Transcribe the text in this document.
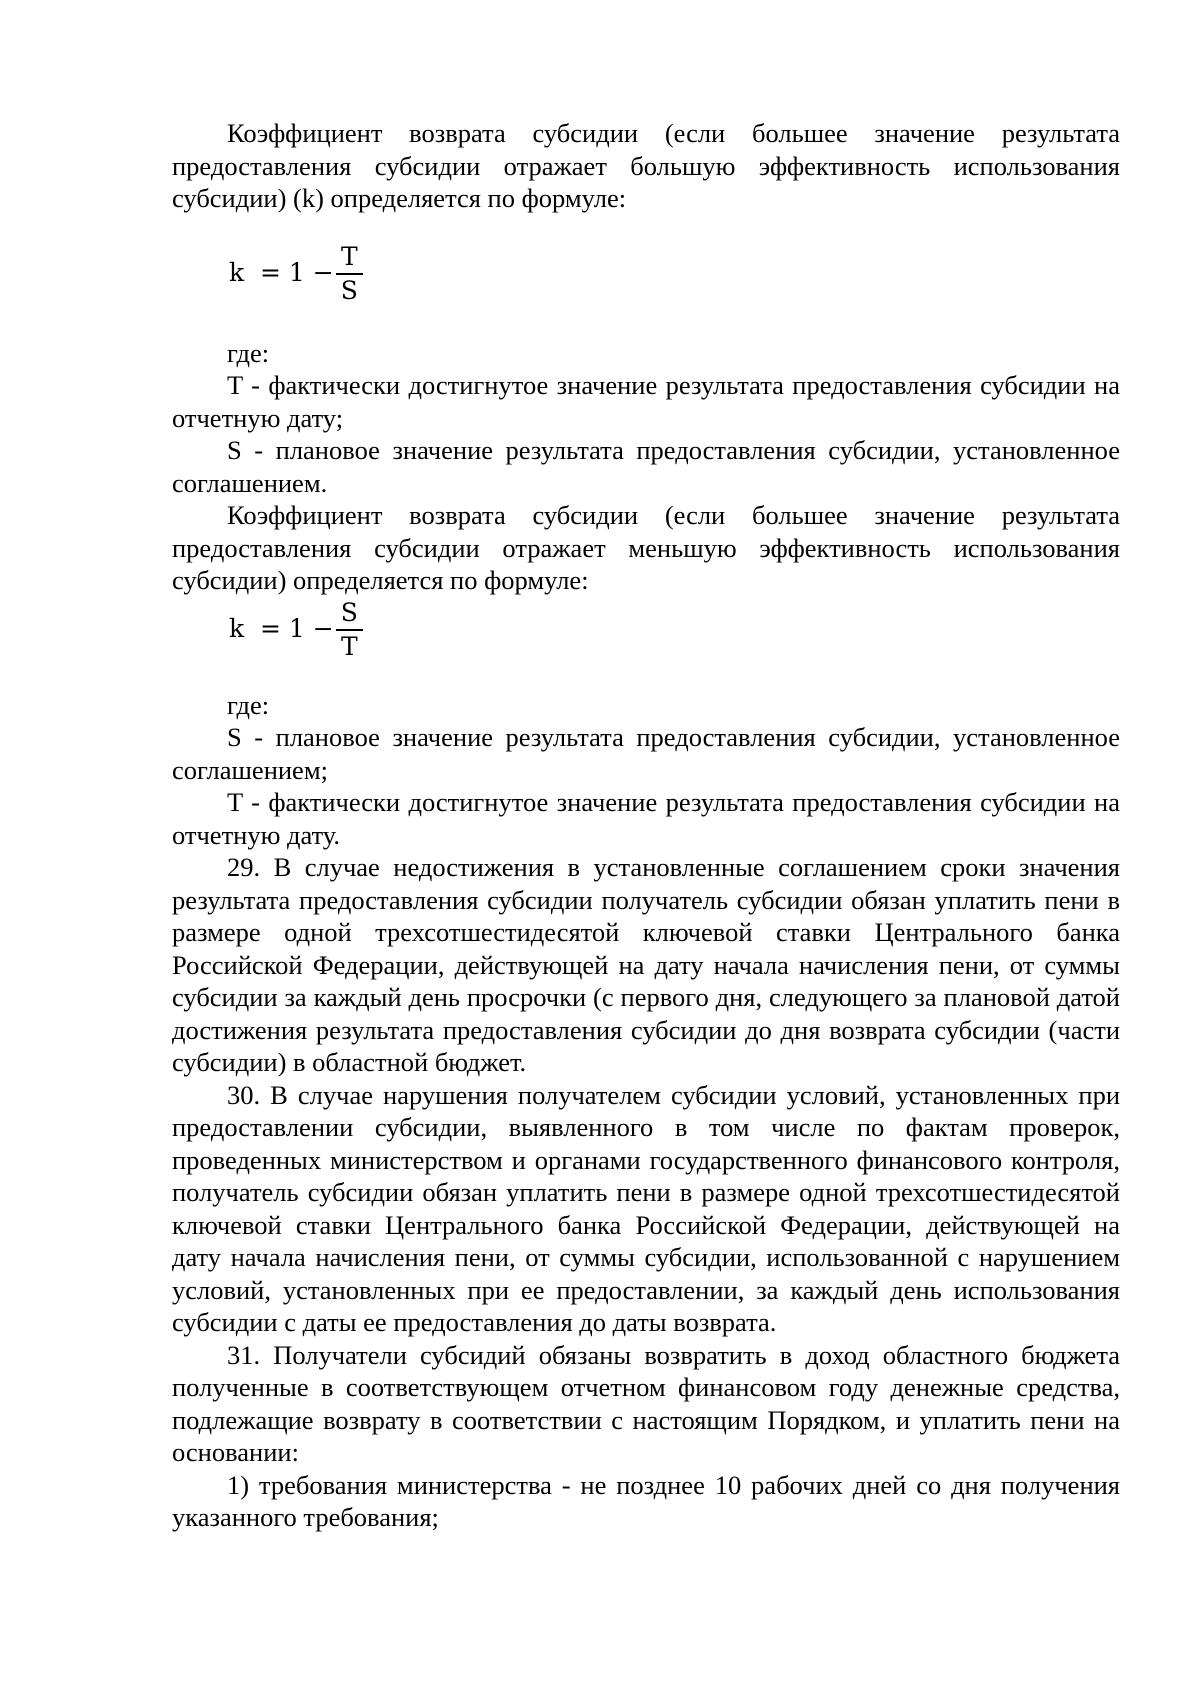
Коэффициент возврата субсидии (если большее значение результата предоставления субсидии отражает большую эффективность использования субсидии) (k) определяется по формуле:

$k = 1 - \frac{T}{S}$

где:

T - фактически достигнутое значение результата предоставления субсидии на отчетную дату;

S - плановое значение результата предоставления субсидии, установленное соглашением.

Коэффициент возврата субсидии (если большее значение результата предоставления субсидии отражает меньшую эффективность использования субсидии) определяется по формуле:

$k = 1 - \frac{S}{T}$

где:

S - плановое значение результата предоставления субсидии, установленное соглашением;

T - фактически достигнутое значение результата предоставления субсидии на отчетную дату.

29. В случае недостижения в установленные соглашением сроки значения результата предоставления субсидии получатель субсидии обязан уплатить пени в размере одной трехсотшестидесятой ключевой ставки Центрального банка Российской Федерации, действующей на дату начала начисления пени, от суммы субсидии за каждый день просрочки (с первого дня, следующего за плановой датой достижения результата предоставления субсидии до дня возврата субсидии (части субсидии) в областной бюджет.

30. В случае нарушения получателем субсидии условий, установленных при предоставлении субсидии, выявленного в том числе по фактам проверок, проведенных министерством и органами государственного финансового контроля, получатель субсидии обязан уплатить пени в размере одной трехсотшестидесятой ключевой ставки Центрального банка Российской Федерации, действующей на дату начала начисления пени, от суммы субсидии, использованной с нарушением условий, установленных при ее предоставлении, за каждый день использования субсидии с даты ее предоставления до даты возврата.

31. Получатели субсидий обязаны возвратить в доход областного бюджета полученные в соответствующем отчетном финансовом году денежные средства, подлежащие возврату в соответствии с настоящим Порядком, и уплатить пени на основании:

1) требования министерства - не позднее 10 рабочих дней со дня получения указанного требования;
